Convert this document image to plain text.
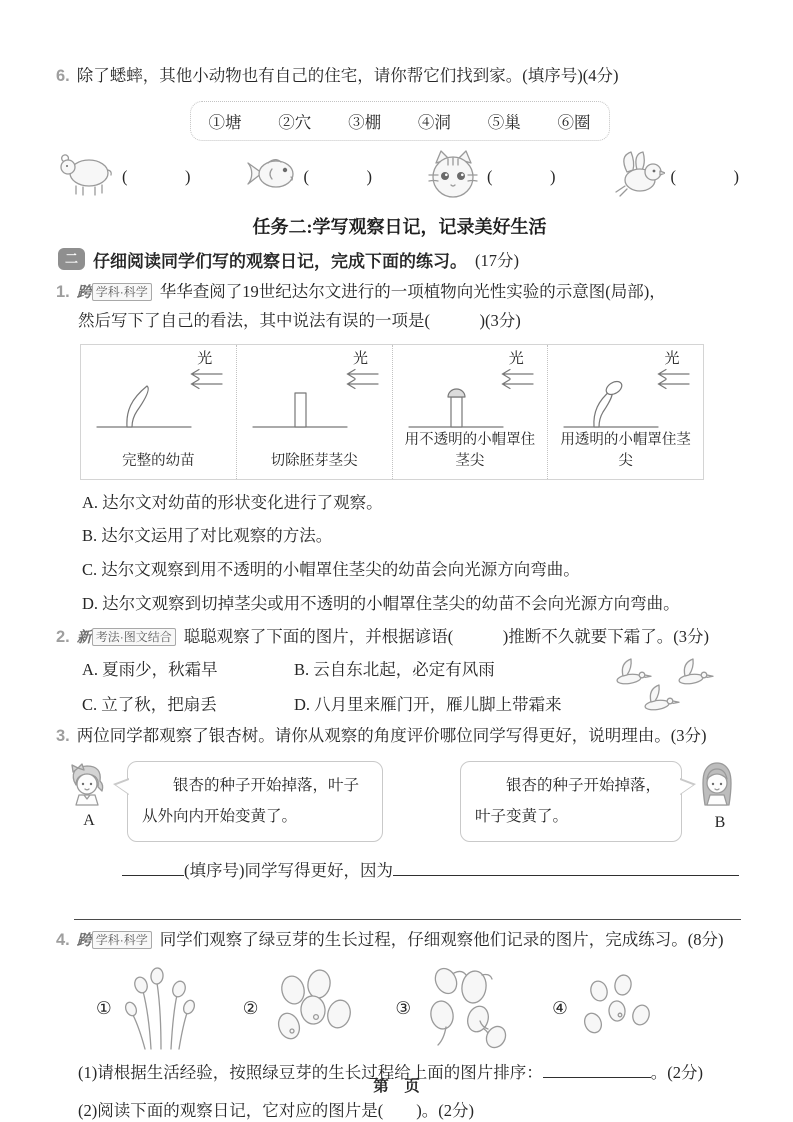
6. 除了蟋蟀，其他小动物也有自己的住宅，请你帮它们找到家。(填序号)(4分)
①塘 ②穴 ③棚 ④洞 ⑤巢 ⑥圈
(　　　)	(　　　)	(　　　)	(　　　)
任务二:学写观察日记，记录美好生活
二 仔细阅读同学们写的观察日记，完成下面的练习。 (17分)
1. 跨 学科·科学 华华查阅了19世纪达尔文进行的一项植物向光性实验的示意图(局部)，
然后写下了自己的看法，其中说法有误的一项是(　　　)(3分)
光
完整的幼苗
光
切除胚芽茎尖
光
用不透明的小帽罩住茎尖
光
用透明的小帽罩住茎尖
A. 达尔文对幼苗的形状变化进行了观察。
B. 达尔文运用了对比观察的方法。
C. 达尔文观察到用不透明的小帽罩住茎尖的幼苗会向光源方向弯曲。
D. 达尔文观察到切掉茎尖或用不透明的小帽罩住茎尖的幼苗不会向光源方向弯曲。
2. 新 考法·图文结合 聪聪观察了下面的图片，并根据谚语(　　　)推断不久就要下霜了。(3分)
A. 夏雨少，秋霜早	B. 云自东北起，必定有风雨
C. 立了秋，把扇丢	D. 八月里来雁门开，雁儿脚上带霜来
3. 两位同学都观察了银杏树。请你从观察的角度评价哪位同学写得更好，说明理由。(3分)
A

银杏的种子开始掉落，叶子从外向内开始变黄了。

银杏的种子开始掉落，叶子变黄了。	B
(填序号)同学写得更好，因为
4. 跨 学科·科学 同学们观察了绿豆芽的生长过程，仔细观察他们记录的图片，完成练习。(8分)
①	②	③	④
(1)请根据生活经验，按照绿豆芽的生长过程给上面的图片排序：	。(2分)
(2)阅读下面的观察日记，它对应的图片是(　　)。(2分)
第　页
